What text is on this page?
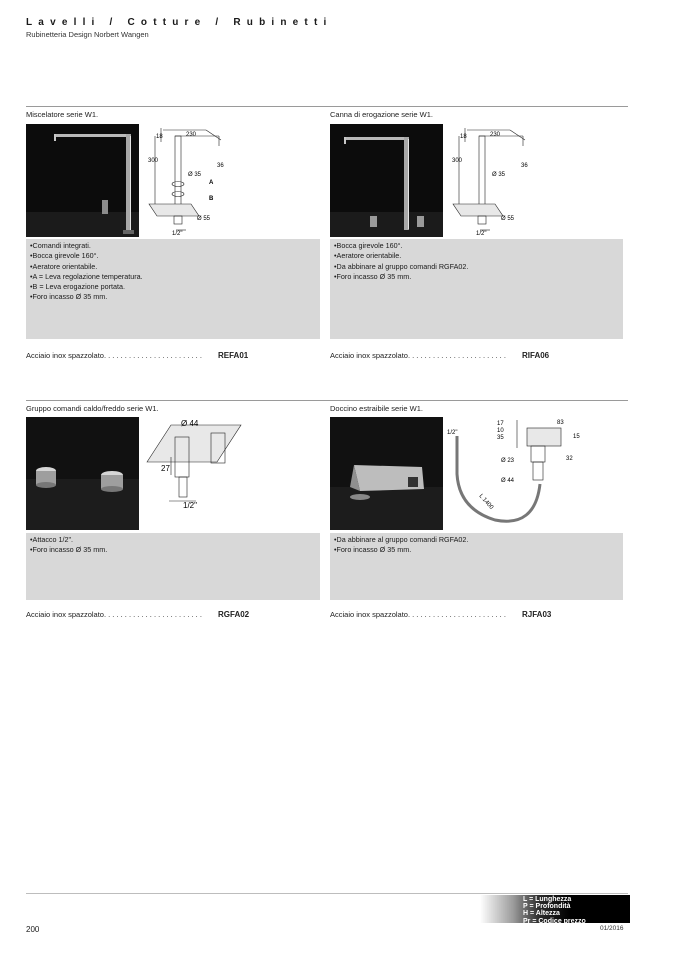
Lavelli / Cotture / Rubinetti
Rubinetteria Design Norbert Wangen
Miscelatore serie W1.
18	230
36
300
Ø 35
A
B
Ø 55
1/2"
• Comandi integrati.
• Bocca girevole 160°.
• Aeratore orientabile.
• A = Leva regolazione temperatura.
• B = Leva erogazione portata.
• Foro incasso Ø 35 mm.
Acciaio inox spazzolato. . . . . . . . . . . . . . . . . . . . . . . . REFA01
Canna di erogazione serie W1.
18	230
36
300
Ø 35
Ø 55
1/2"
• Bocca girevole 160°.
• Aeratore orientabile.
• Da abbinare al gruppo comandi RGFA02.
• Foro incasso Ø 35 mm.
Acciaio inox spazzolato. . . . . . . . . . . . . . . . . . . . . . . . RIFA06
Gruppo comandi caldo/freddo serie W1.
Ø 44
27
1/2"
• Attacco 1/2".
• Foro incasso Ø 35 mm.
Acciaio inox spazzolato. . . . . . . . . . . . . . . . . . . . . . . . RGFA02
Doccino estraibile serie W1.
1/2"
17
10
35
83
15
Ø 23	32
Ø 44
L 1400
• Da abbinare al gruppo comandi RGFA02.
• Foro incasso Ø 35 mm.
Acciaio inox spazzolato. . . . . . . . . . . . . . . . . . . . . . . . RJFA03
L = Lunghezza
P = Profondità
H = Altezza
Pr = Codice prezzo
200	01/2016
